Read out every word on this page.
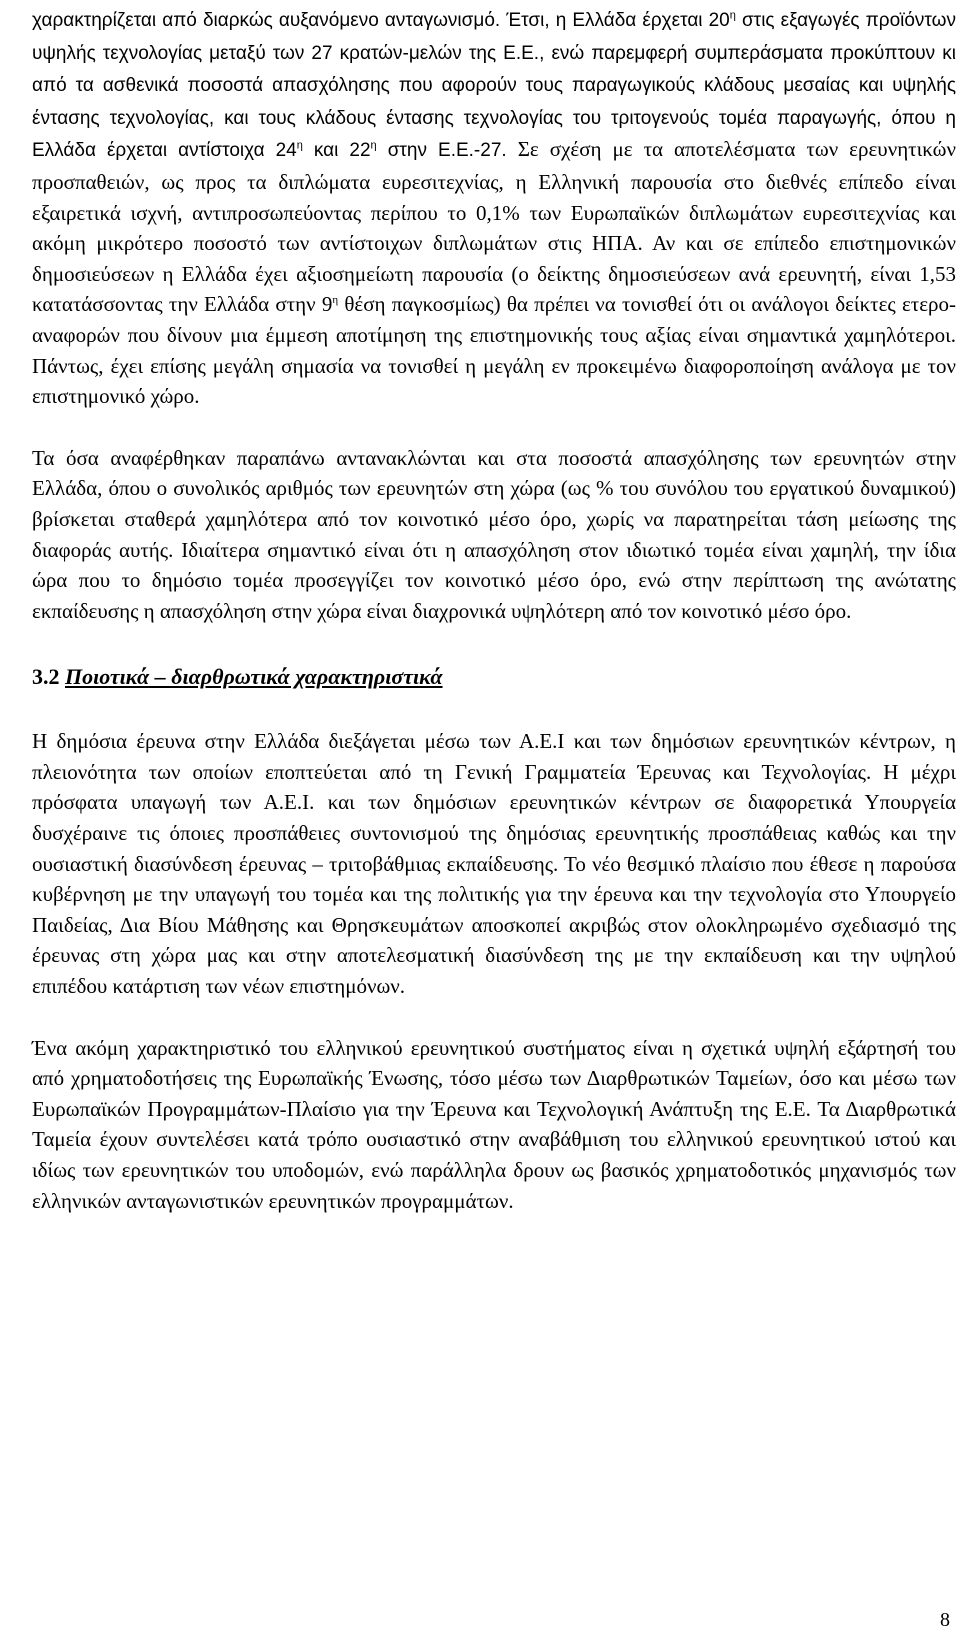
χαρακτηρίζεται από διαρκώς αυξανόμενο ανταγωνισμό. Έτσι, η Ελλάδα έρχεται $20^\eta$ στις εξαγωγές προϊόντων υψηλής τεχνολογίας μεταξύ των 27 κρατών-μελών της Ε.Ε., ενώ παρεμφερή συμπεράσματα προκύπτουν κι από τα ασθενικά ποσοστά απασχόλησης που αφορούν τους παραγωγικούς κλάδους μεσαίας και υψηλής έντασης τεχνολογίας, και τους κλάδους έντασης τεχνολογίας του τριτογενούς τομέα παραγωγής, όπου η Ελλάδα έρχεται αντίστοιχα $24^\eta$ και $22^\eta$ στην Ε.Ε.-27. Σε σχέση με τα αποτελέσματα των ερευνητικών προσπαθειών, ως προς τα διπλώματα ευρεσιτεχνίας, η Ελληνική παρουσία στο διεθνές επίπεδο είναι εξαιρετικά ισχνή, αντιπροσωπεύοντας περίπου το 0,1% των Ευρωπαϊκών διπλωμάτων ευρεσιτεχνίας και ακόμη μικρότερο ποσοστό των αντίστοιχων διπλωμάτων στις ΗΠΑ. Αν και σε επίπεδο επιστημονικών δημοσιεύσεων η Ελλάδα έχει αξιοσημείωτη παρουσία (ο δείκτης δημοσιεύσεων ανά ερευνητή, είναι 1,53 κατατάσσοντας την Ελλάδα στην $9^\eta$ θέση παγκοσμίως) θα πρέπει να τονισθεί ότι οι ανάλογοι δείκτες ετερο-αναφορών που δίνουν μια έμμεση αποτίμηση της επιστημονικής τους αξίας είναι σημαντικά χαμηλότεροι. Πάντως, έχει επίσης μεγάλη σημασία να τονισθεί η μεγάλη εν προκειμένω διαφοροποίηση ανάλογα με τον επιστημονικό χώρο.

Τα όσα αναφέρθηκαν παραπάνω αντανακλώνται και στα ποσοστά απασχόλησης των ερευνητών στην Ελλάδα, όπου ο συνολικός αριθμός των ερευνητών στη χώρα (ως % του συνόλου του εργατικού δυναμικού) βρίσκεται σταθερά χαμηλότερα από τον κοινοτικό μέσο όρο, χωρίς να παρατηρείται τάση μείωσης της διαφοράς αυτής. Ιδιαίτερα σημαντικό είναι ότι η απασχόληση στον ιδιωτικό τομέα είναι χαμηλή, την ίδια ώρα που το δημόσιο τομέα προσεγγίζει τον κοινοτικό μέσο όρο, ενώ στην περίπτωση της ανώτατης εκπαίδευσης η απασχόληση στην χώρα είναι διαχρονικά υψηλότερη από τον κοινοτικό μέσο όρο.

3.2 Ποιοτικά – διαρθρωτικά χαρακτηριστικά

Η δημόσια έρευνα στην Ελλάδα διεξάγεται μέσω των Α.Ε.Ι και των δημόσιων ερευνητικών κέντρων, η πλειονότητα των οποίων εποπτεύεται από τη Γενική Γραμματεία Έρευνας και Τεχνολογίας. Η μέχρι πρόσφατα υπαγωγή των Α.Ε.Ι. και των δημόσιων ερευνητικών κέντρων σε διαφορετικά Υπουργεία δυσχέραινε τις όποιες προσπάθειες συντονισμού της δημόσιας ερευνητικής προσπάθειας καθώς και την ουσιαστική διασύνδεση έρευνας – τριτοβάθμιας εκπαίδευσης. Το νέο θεσμικό πλαίσιο που έθεσε η παρούσα κυβέρνηση με την υπαγωγή του τομέα και της πολιτικής για την έρευνα και την τεχνολογία στο Υπουργείο Παιδείας, Δια Βίου Μάθησης και Θρησκευμάτων αποσκοπεί ακριβώς στον ολοκληρωμένο σχεδιασμό της έρευνας στη χώρα μας και στην αποτελεσματική διασύνδεση της με την εκπαίδευση και την υψηλού επιπέδου κατάρτιση των νέων επιστημόνων.

Ένα ακόμη χαρακτηριστικό του ελληνικού ερευνητικού συστήματος είναι η σχετικά υψηλή εξάρτησή του από χρηματοδοτήσεις της Ευρωπαϊκής Ένωσης, τόσο μέσω των Διαρθρωτικών Ταμείων, όσο και μέσω των Ευρωπαϊκών Προγραμμάτων-Πλαίσιο για την Έρευνα και Τεχνολογική Ανάπτυξη της Ε.Ε. Τα Διαρθρωτικά Ταμεία έχουν συντελέσει κατά τρόπο ουσιαστικό στην αναβάθμιση του ελληνικού ερευνητικού ιστού και ιδίως των ερευνητικών του υποδομών, ενώ παράλληλα δρουν ως βασικός χρηματοδοτικός μηχανισμός των ελληνικών ανταγωνιστικών ερευνητικών προγραμμάτων.

8
